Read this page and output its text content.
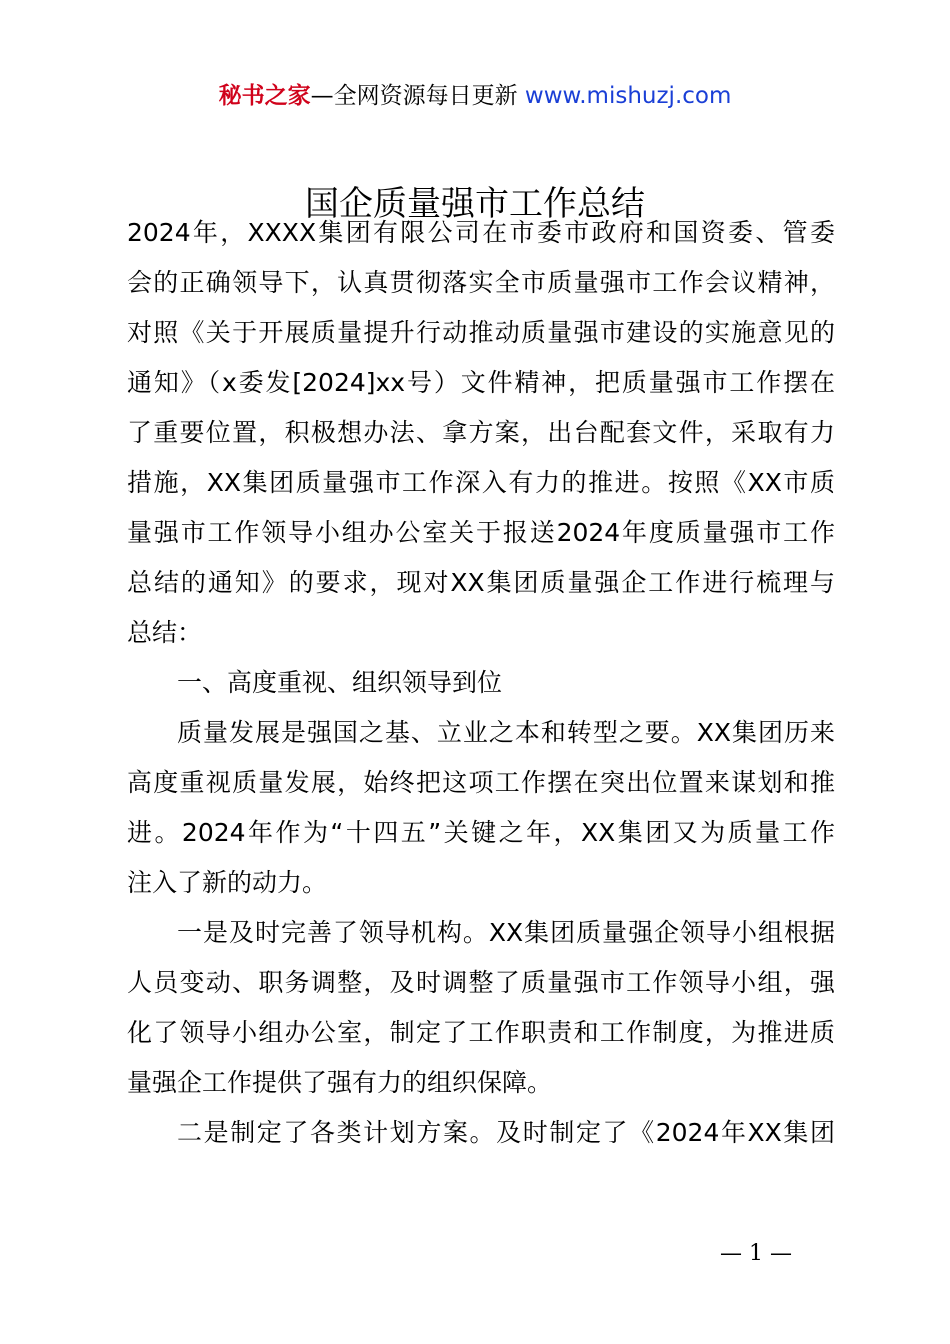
秘书之家—全网资源每日更新 www.mishuzj.com
国企质量强市工作总结
2024年，XXXX集团有限公司在市委市政府和国资委、管委
会的正确领导下，认真贯彻落实全市质量强市工作会议精神，
对照《关于开展质量提升行动推动质量强市建设的实施意见的
通知》（x委发[2024]xx号）文件精神，把质量强市工作摆在
了重要位置，积极想办法、拿方案，出台配套文件，采取有力
措施，XX集团质量强市工作深入有力的推进。按照《XX市质
量强市工作领导小组办公室关于报送2024年度质量强市工作
总结的通知》的要求，现对XX集团质量强企工作进行梳理与
总结：
一、高度重视、组织领导到位
质量发展是强国之基、立业之本和转型之要。XX集团历来
高度重视质量发展，始终把这项工作摆在突出位置来谋划和推
进。2024年作为“十四五”关键之年，XX集团又为质量工作
注入了新的动力。
一是及时完善了领导机构。XX集团质量强企领导小组根据
人员变动、职务调整，及时调整了质量强市工作领导小组，强
化了领导小组办公室，制定了工作职责和工作制度，为推进质
量强企工作提供了强有力的组织保障。
二是制定了各类计划方案。及时制定了《2024年XX集团
— 1 —
